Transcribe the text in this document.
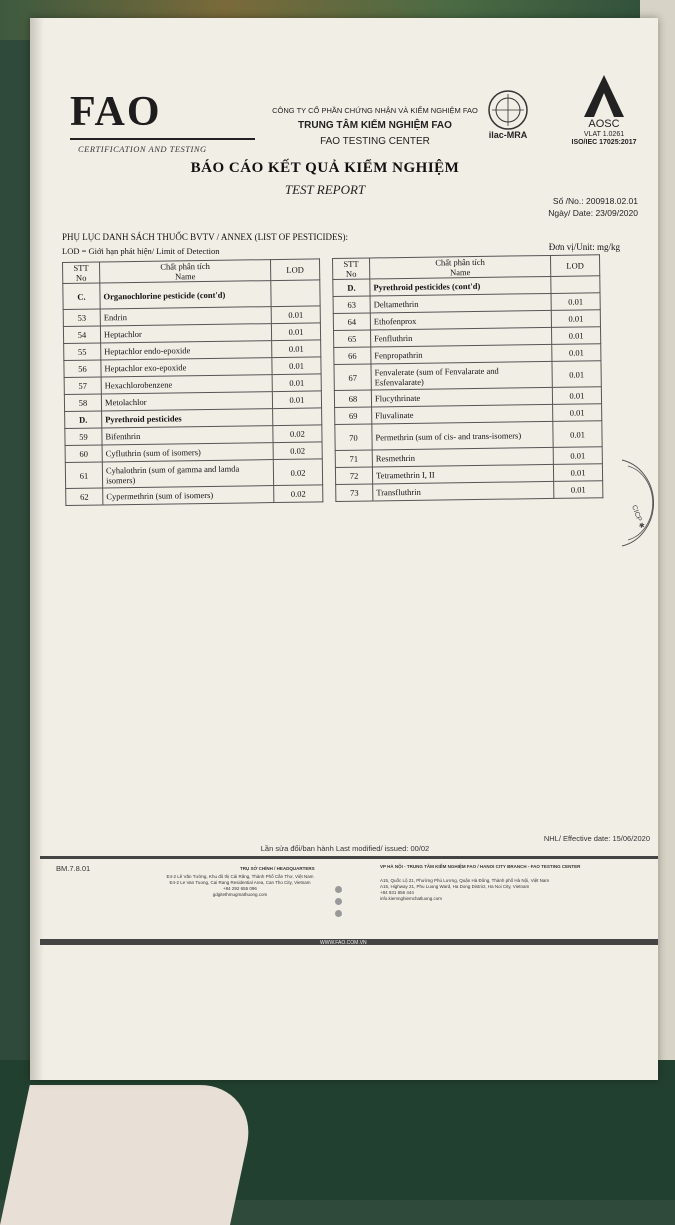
FAO
CERTIFICATION AND TESTING
CÔNG TY CỔ PHẦN CHỨNG NHẬN VÀ KIỂM NGHIỆM FAO
TRUNG TÂM KIỂM NGHIỆM FAO
FAO TESTING CENTER
ilac-MRA
AOSC
VLAT 1.0261
ISO/IEC 17025:2017
BÁO CÁO KẾT QUẢ KIỂM NGHIỆM
TEST REPORT
Số /No.: 200918.02.01
Ngày/ Date: 23/09/2020
PHỤ LỤC DANH SÁCH THUỐC BVTV / ANNEX (LIST OF PESTICIDES):
LOD = Giới hạn phát hiện/ Limit of Detection	Đơn vị/Unit: mg/kg
STT
No	Chất phân tích
Name	LOD
C.	Organochlorine pesticide (cont'd)	
53	Endrin	0.01
54	Heptachlor	0.01
55	Heptachlor endo-epoxide	0.01
56	Heptachlor exo-epoxide	0.01
57	Hexachlorobenzene	0.01
58	Metolachlor	0.01
D.	Pyrethroid pesticides	
59	Bifenthrin	0.02
60	Cyfluthrin (sum of isomers)	0.02
61	Cyhalothrin (sum of gamma and lamda isomers)	0.02
62	Cypermethrin (sum of isomers)	0.02
STT
No	Chất phân tích
Name	LOD
D.	Pyrethroid pesticides (cont'd)	
63	Deltamethrin	0.01
64	Ethofenprox	0.01
65	Fenfluthrin	0.01
66	Fenpropathrin	0.01
67	Fenvalerate (sum of Fenvalarate and Esfenvalarate)	0.01
68	Flucythrinate	0.01
69	Fluvalinate	0.01
70	Permethrin (sum of cis- and trans-isomers)	0.01
71	Resmethrin	0.01
72	Tetramethrin I, II	0.01
73	Transfluthrin	0.01
CICP ✱
BM.7.8.01
Lần sửa đổi/ban hành Last modified/ issued: 00/02
NHL/ Effective date: 15/06/2020
TRỤ SỞ CHÍNH / HEADQUARTERS
E4-2 Lê Văn Tưởng, Khu đô thị Cái Răng, Thành Phố Cần Thơ, Việt Nam
E4-2 Le Van Tuong, Cai Rang Residential Area, Can Tho City, Vietnam
+84 292 655 096
gdgitethmugmathuong.com
VP HÀ NỘI - TRUNG TÂM KIỂM NGHIỆM FAO / HANOI CITY BRANCH - FAO TESTING CENTER
A15, Quốc Lộ 21, Phường Phú Lương, Quận Hà Đông, Thành phố Hà Nội, Việt Nam
A15, Highway 21, Phu Luong Ward, Ha Dong District, Ha Noi City, Vietnam
+84 931 856 444
info.kiemnghiemchatluong.com
WWW.FAO.COM.VN
